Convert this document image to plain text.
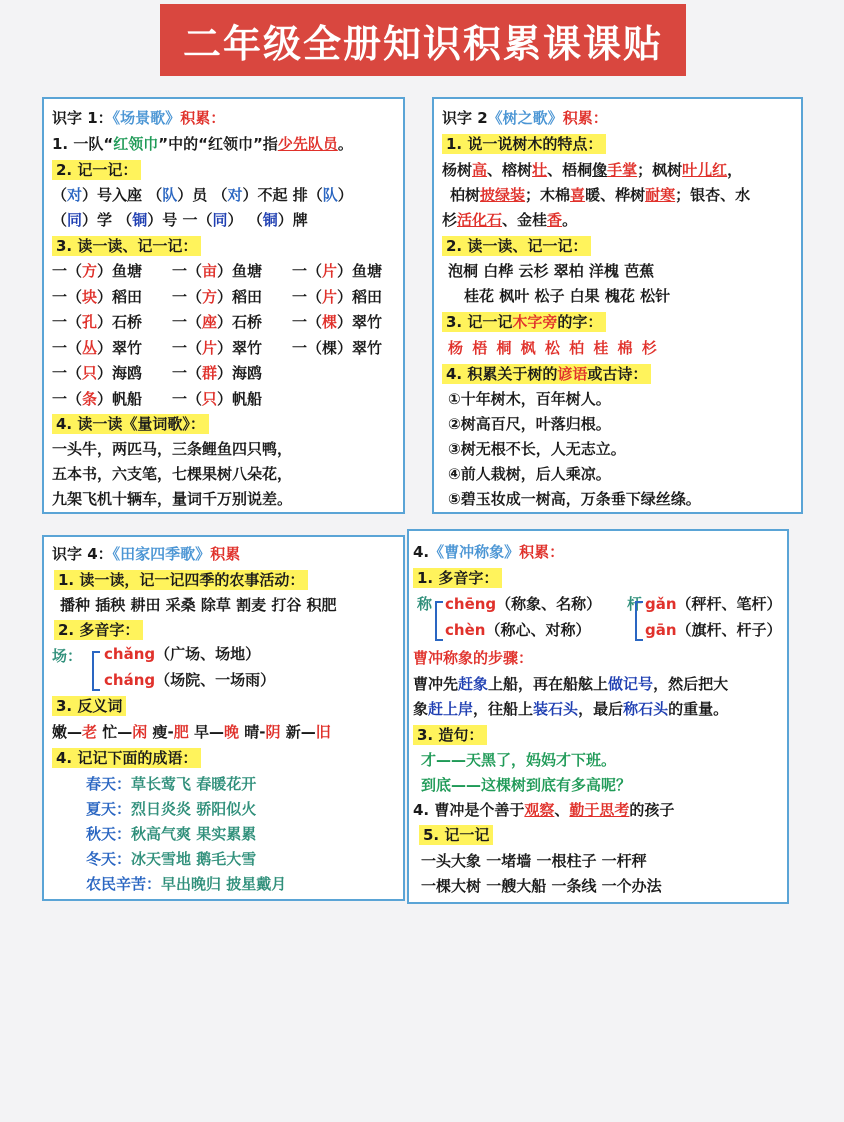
二年级全册知识积累课课贴
识字 1：《场景歌》积累：
1. 一队“红领巾”中的“红领巾”指少先队员。
2. 记一记：
（对）号入座 （队）员 （对）不起 排（队）
（同）学 （铜）号 一（同） （铜）牌
3. 读一读、记一记：
一（方）鱼塘	一（亩）鱼塘	一（片）鱼塘
一（块）稻田	一（方）稻田	一（片）稻田
一（孔）石桥	一（座）石桥	一（棵）翠竹
一（丛）翠竹	一（片）翠竹	一（棵）翠竹
一（只）海鸥	一（群）海鸥
一（条）帆船	一（只）帆船
4. 读一读《量词歌》：
一头牛，两匹马，三条鲤鱼四只鸭，
五本书，六支笔，七棵果树八朵花，
九架飞机十辆车，量词千万别说差。
识字 2《树之歌》积累：
1. 说一说树木的特点：
杨树高、榕树壮、梧桐像手掌；枫树叶儿红，
柏树披绿装；木棉喜暖、桦树耐寒；银杏、水
杉活化石、金桂香。
2. 读一读、记一记：
泡桐 白桦 云杉 翠柏 洋槐 芭蕉
桂花 枫叶 松子 白果 槐花 松针
3. 记一记木字旁的字：
杨 梧 桐 枫 松 柏 桂 棉 杉
4. 积累关于树的谚语或古诗：
①十年树木，百年树人。
②树高百尺，叶落归根。
③树无根不长，人无志立。
④前人栽树，后人乘凉。
⑤碧玉妆成一树高，万条垂下绿丝绦。
识字 4：《田家四季歌》积累
1. 读一读，记一记四季的农事活动：
播种 插秧 耕田 采桑 除草 割麦 打谷 积肥
2. 多音字：
场： chǎng（广场、场地）
cháng（场院、一场雨）
3. 反义词
嫩—老 忙—闲 瘦-肥 早—晚 晴-阴 新—旧
4. 记记下面的成语：
春天：草长莺飞 春暖花开
夏天：烈日炎炎 骄阳似火
秋天：秋高气爽 果实累累
冬天：冰天雪地 鹅毛大雪
农民辛苦：早出晚归 披星戴月
4.《曹冲称象》积累：
1. 多音字：
称 chēng（称象、名称）
chèn（称心、对称）
杆 gǎn（秤杆、笔杆）
gān（旗杆、杆子）
曹冲称象的步骤：
曹冲先赶象上船，再在船舷上做记号，然后把大
象赶上岸，往船上装石头，最后称石头的重量。
3. 造句：
才——天黑了，妈妈才下班。
到底——这棵树到底有多高呢？
4. 曹冲是个善于观察、勤于思考的孩子
5. 记一记
一头大象 一堵墙 一根柱子 一杆秤
一棵大树 一艘大船 一条线 一个办法
